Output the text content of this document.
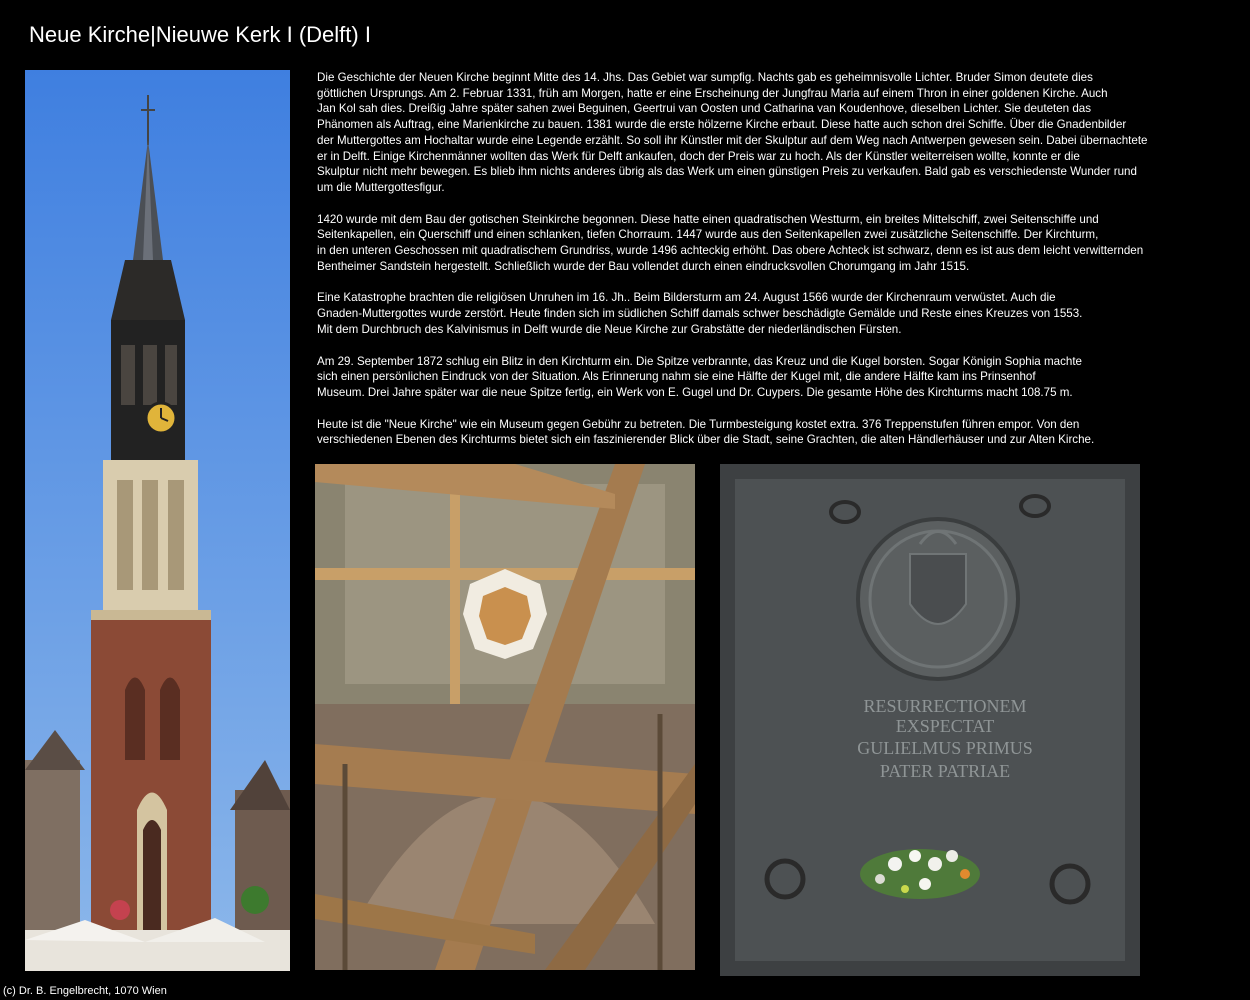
Neue Kirche|Nieuwe Kerk I (Delft) I

Die Geschichte der Neuen Kirche beginnt Mitte des 14. Jhs. Das Gebiet war sumpfig. Nachts gab es geheimnisvolle Lichter. Bruder Simon deutete dies
göttlichen Ursprungs. Am 2. Februar 1331, früh am Morgen, hatte er eine Erscheinung der Jungfrau Maria auf einem Thron in einer goldenen Kirche. Auch
Jan Kol sah dies. Dreißig Jahre später sahen zwei Beguinen, Geertrui van Oosten und Catharina van Koudenhove, dieselben Lichter. Sie deuteten das
Phänomen als Auftrag, eine Marienkirche zu bauen. 1381 wurde die erste hölzerne Kirche erbaut. Diese hatte auch schon drei Schiffe. Über die Gnadenbilder
der Muttergottes am Hochaltar wurde eine Legende erzählt. So soll ihr Künstler mit der Skulptur auf dem Weg nach Antwerpen gewesen sein. Dabei übernachtete
er in Delft. Einige Kirchenmänner wollten das Werk für Delft ankaufen, doch der Preis war zu hoch. Als der Künstler weiterreisen wollte, konnte er die
Skulptur nicht mehr bewegen. Es blieb ihm nichts anderes übrig als das Werk um einen günstigen Preis zu verkaufen. Bald gab es verschiedenste Wunder rund
um die Muttergottesfigur.

1420 wurde mit dem Bau der gotischen Steinkirche begonnen. Diese hatte einen quadratischen Westturm, ein breites Mittelschiff, zwei Seitenschiffe und
Seitenkapellen, ein Querschiff und einen schlanken, tiefen Chorraum. 1447 wurde aus den Seitenkapellen zwei zusätzliche Seitenschiffe. Der Kirchturm,
in den unteren Geschossen mit quadratischem Grundriss, wurde 1496 achteckig erhöht. Das obere Achteck ist schwarz, denn es ist aus dem leicht verwitternden
Bentheimer Sandstein hergestellt. Schließlich wurde der Bau vollendet durch einen eindrucksvollen Chorumgang im Jahr 1515.

Eine Katastrophe brachten die religiösen Unruhen im 16. Jh.. Beim Bildersturm am 24. August 1566 wurde der Kirchenraum verwüstet. Auch die
Gnaden-Muttergottes wurde zerstört. Heute finden sich im südlichen Schiff damals schwer beschädigte Gemälde und Reste eines Kreuzes von 1553.
Mit dem Durchbruch des Kalvinismus in Delft wurde die Neue Kirche zur Grabstätte der niederländischen Fürsten.

Am 29. September 1872 schlug ein Blitz in den Kirchturm ein. Die Spitze verbrannte, das Kreuz und die Kugel borsten. Sogar Königin Sophia machte
sich einen persönlichen Eindruck von der Situation. Als Erinnerung nahm sie eine Hälfte der Kugel mit, die andere Hälfte kam ins Prinsenhof
Museum. Drei Jahre später war die neue Spitze fertig, ein Werk von E. Gugel und Dr. Cuypers. Die gesamte Höhe des Kirchturms macht 108.75 m.

Heute ist die "Neue Kirche" wie ein Museum gegen Gebühr zu betreten. Die Turmbesteigung kostet extra. 376 Treppenstufen führen empor. Von den
verschiedenen Ebenen des Kirchturms bietet sich ein faszinierender Blick über die Stadt, seine Grachten, die alten Händlerhäuser und zur Alten Kirche.

RESURRECTIONEM
EXSPECTAT
GULIELMUS PRIMUS
PATER PATRIAE
(c) Dr. B. Engelbrecht, 1070 Wien
